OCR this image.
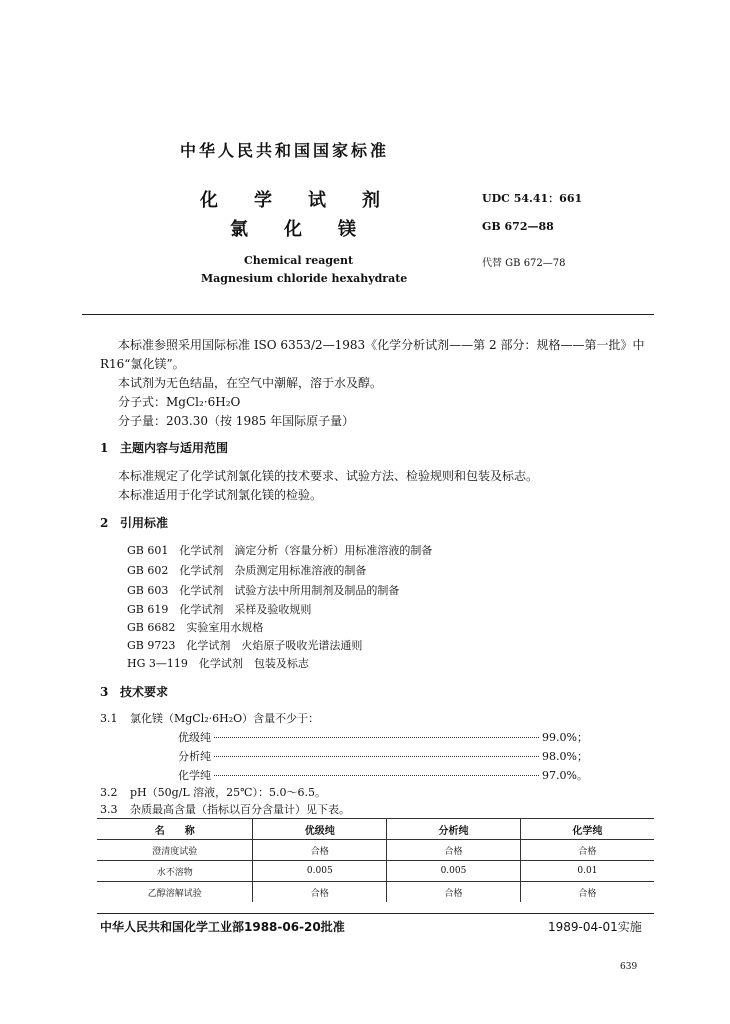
中华人民共和国国家标准
化学试剂
氯化镁
Chemical reagent
Magnesium chloride hexahydrate
UDC 54.41：661
GB 672—88
代替 GB 672—78
本标准参照采用国际标准 ISO 6353/2—1983《化学分析试剂——第 2 部分：规格——第一批》中
R16“氯化镁”。
本试剂为无色结晶，在空气中潮解，溶于水及醇。
分子式：MgCl₂·6H₂O
分子量：203.30（按 1985 年国际原子量）
1 主题内容与适用范围
本标准规定了化学试剂氯化镁的技术要求、试验方法、检验规则和包装及标志。
本标准适用于化学试剂氯化镁的检验。
2 引用标准
GB 601　化学试剂　滴定分析（容量分析）用标准溶液的制备
GB 602　化学试剂　杂质测定用标准溶液的制备
GB 603　化学试剂　试验方法中所用制剂及制品的制备
GB 619　化学试剂　采样及验收规则
GB 6682　实验室用水规格
GB 9723　化学试剂　火焰原子吸收光谱法通则
HG 3—119　化学试剂　包装及标志
3 技术要求
3.1 氯化镁（MgCl₂·6H₂O）含量不少于：
优级纯	99.0%；
分析纯	98.0%；
化学纯	97.0%。
3.2 pH（50g/L 溶液，25℃）：5.0～6.5。
3.3 杂质最高含量（指标以百分含量计）见下表。
名　　称	优级纯	分析纯	化学纯
澄清度试验	合格	合格	合格
水不溶物	0.005	0.005	0.01
乙醇溶解试验	合格	合格	合格
中华人民共和国化学工业部1988-06-20批准	1989-04-01实施
639
